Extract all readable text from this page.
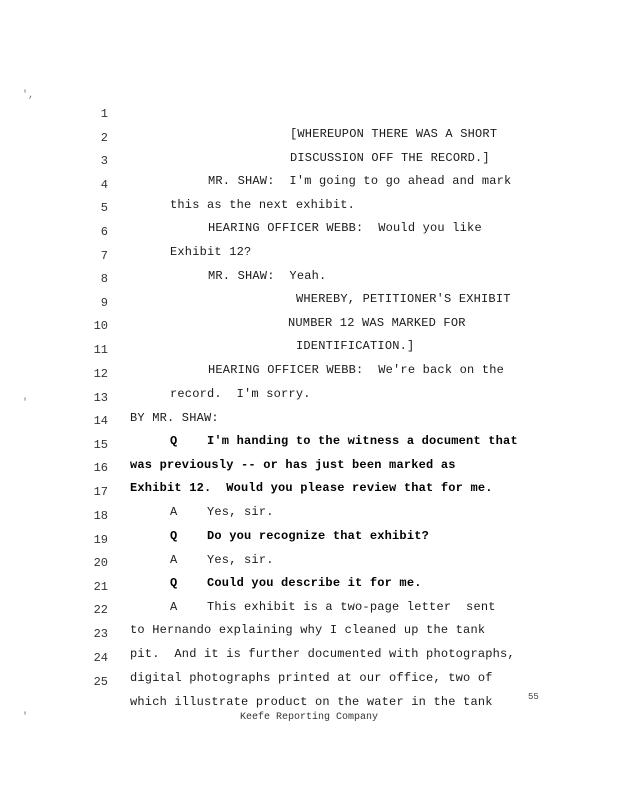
',
'
'

1

[WHEREUPON THERE WAS A SHORT

2

DISCUSSION OFF THE RECORD.]

3

MR. SHAW:  I'm going to go ahead and mark

4

this as the next exhibit.

5

HEARING OFFICER WEBB:  Would you like

6

Exhibit 12?

7

MR. SHAW:  Yeah.

8

WHEREBY, PETITIONER'S EXHIBIT

9

NUMBER 12 WAS MARKED FOR

10

IDENTIFICATION.]

11

HEARING OFFICER WEBB:  We're back on the

12

record.  I'm sorry.

13

BY MR. SHAW:

14

Q    I'm handing to the witness a document that

15

was previously -- or has just been marked as

16

Exhibit 12.  Would you please review that for me.

17

A    Yes, sir.

18

Q    Do you recognize that exhibit?

19

A    Yes, sir.

20

Q    Could you describe it for me.

21

A    This exhibit is a two-page letter  sent

22

to Hernando explaining why I cleaned up the tank

23

pit.  And it is further documented with photographs,

24

digital photographs printed at our office, two of

25

which illustrate product on the water in the tank

	55
Keefe Reporting Company
